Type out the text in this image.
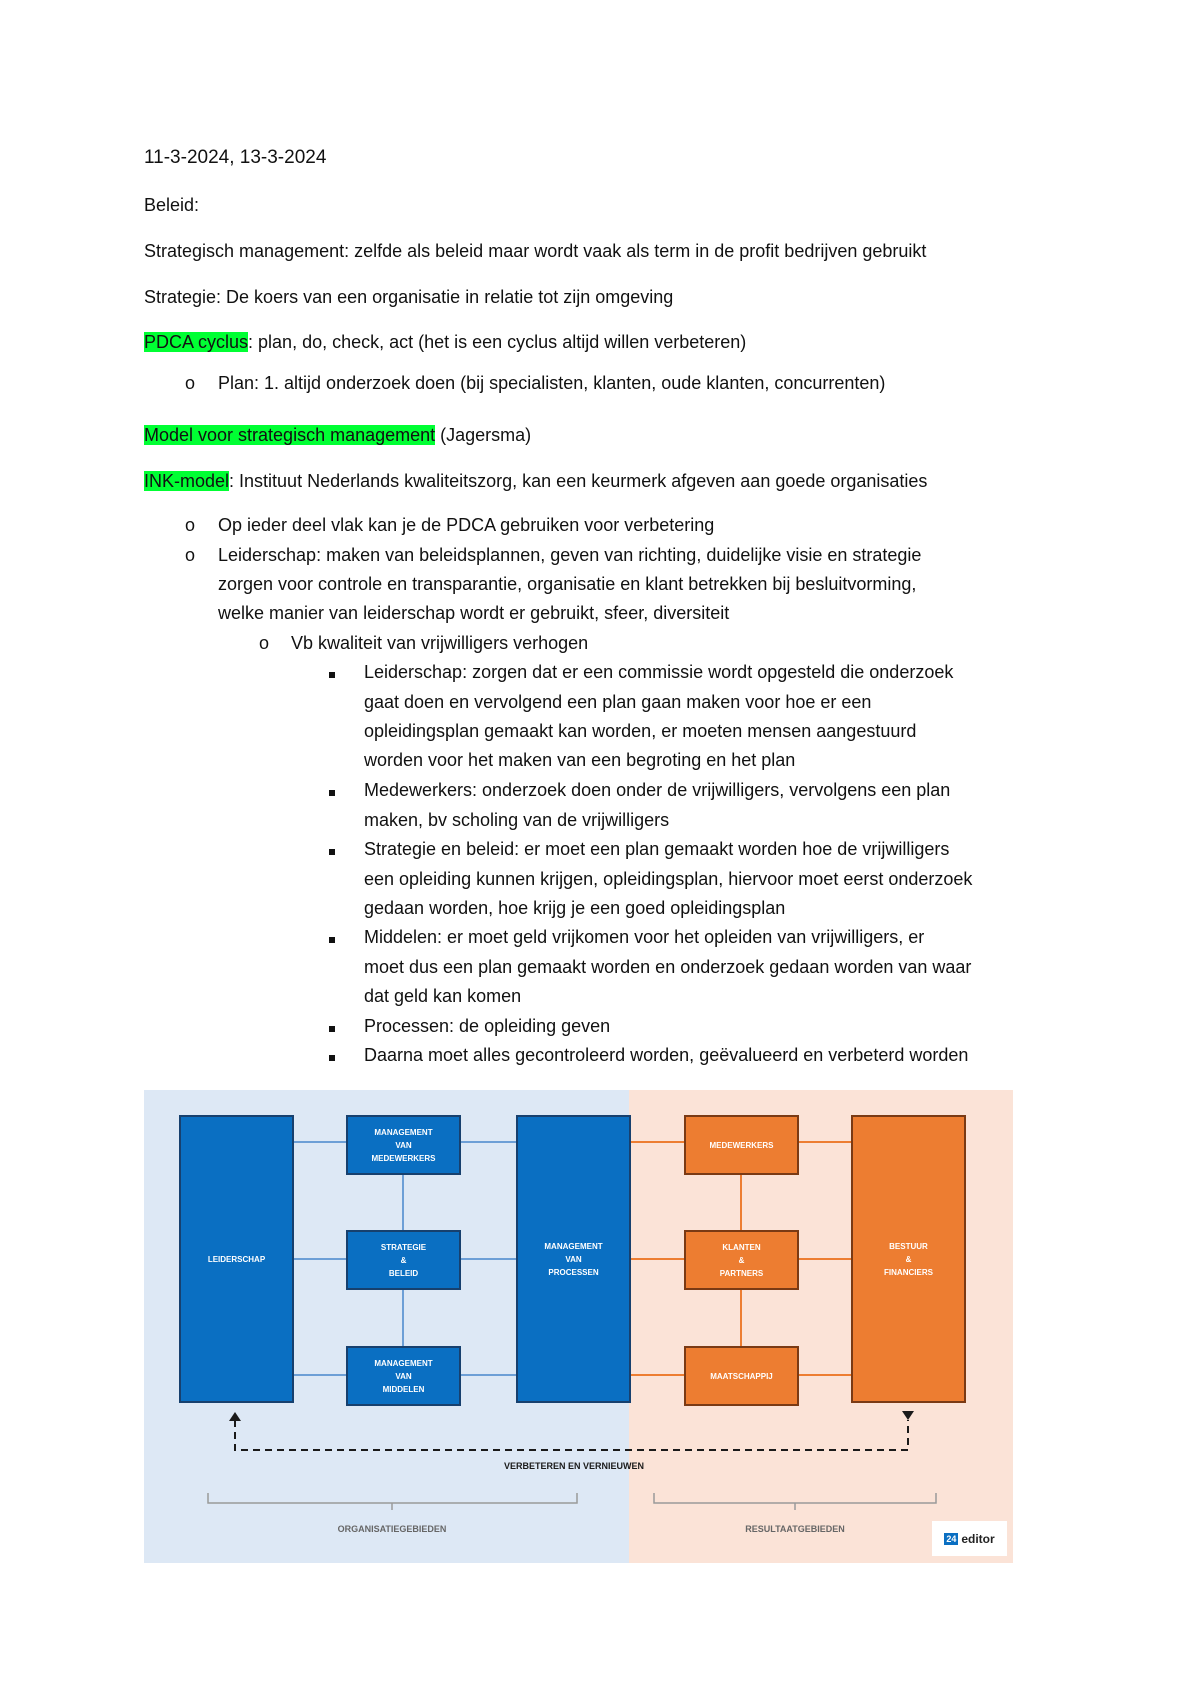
11-3-2024, 13-3-2024
Beleid:
Strategisch management: zelfde als beleid maar wordt vaak als term in de profit bedrijven gebruikt
Strategie: De koers van een organisatie in relatie tot zijn omgeving
PDCA cyclus: plan, do, check, act (het is een cyclus altijd willen verbeteren)
o Plan: 1. altijd onderzoek doen (bij specialisten, klanten, oude klanten, concurrenten)
Model voor strategisch management (Jagersma)
INK-model: Instituut Nederlands kwaliteitszorg, kan een keurmerk afgeven aan goede organisaties
o Op ieder deel vlak kan je de PDCA gebruiken voor verbetering
o Leiderschap: maken van beleidsplannen, geven van richting, duidelijke visie en strategie
zorgen voor controle en transparantie, organisatie en klant betrekken bij besluitvorming,
welke manier van leiderschap wordt er gebruikt, sfeer, diversiteit
o Vb kwaliteit van vrijwilligers verhogen
Leiderschap: zorgen dat er een commissie wordt opgesteld die onderzoek
gaat doen en vervolgend een plan gaan maken voor hoe er een
opleidingsplan gemaakt kan worden, er moeten mensen aangestuurd
worden voor het maken van een begroting en het plan
Medewerkers: onderzoek doen onder de vrijwilligers, vervolgens een plan
maken, bv scholing van de vrijwilligers
Strategie en beleid: er moet een plan gemaakt worden hoe de vrijwilligers
een opleiding kunnen krijgen, opleidingsplan, hiervoor moet eerst onderzoek
gedaan worden, hoe krijg je een goed opleidingsplan
Middelen: er moet geld vrijkomen voor het opleiden van vrijwilligers, er
moet dus een plan gemaakt worden en onderzoek gedaan worden van waar
dat geld kan komen
Processen: de opleiding geven
Daarna moet alles gecontroleerd worden, geëvalueerd en verbeterd worden
LEIDERSCHAP
MANAGEMENT
VAN
MEDEWERKERS
STRATEGIE
&
BELEID
MANAGEMENT
VAN
MIDDELEN
MANAGEMENT
VAN
PROCESSEN
MEDEWERKERS
KLANTEN
&
PARTNERS
MAATSCHAPPIJ
BESTUUR
&
FINANCIERS
VERBETEREN EN VERNIEUWEN
ORGANISATIEGEBIEDEN	RESULTAATGEBIEDEN
24 editor
